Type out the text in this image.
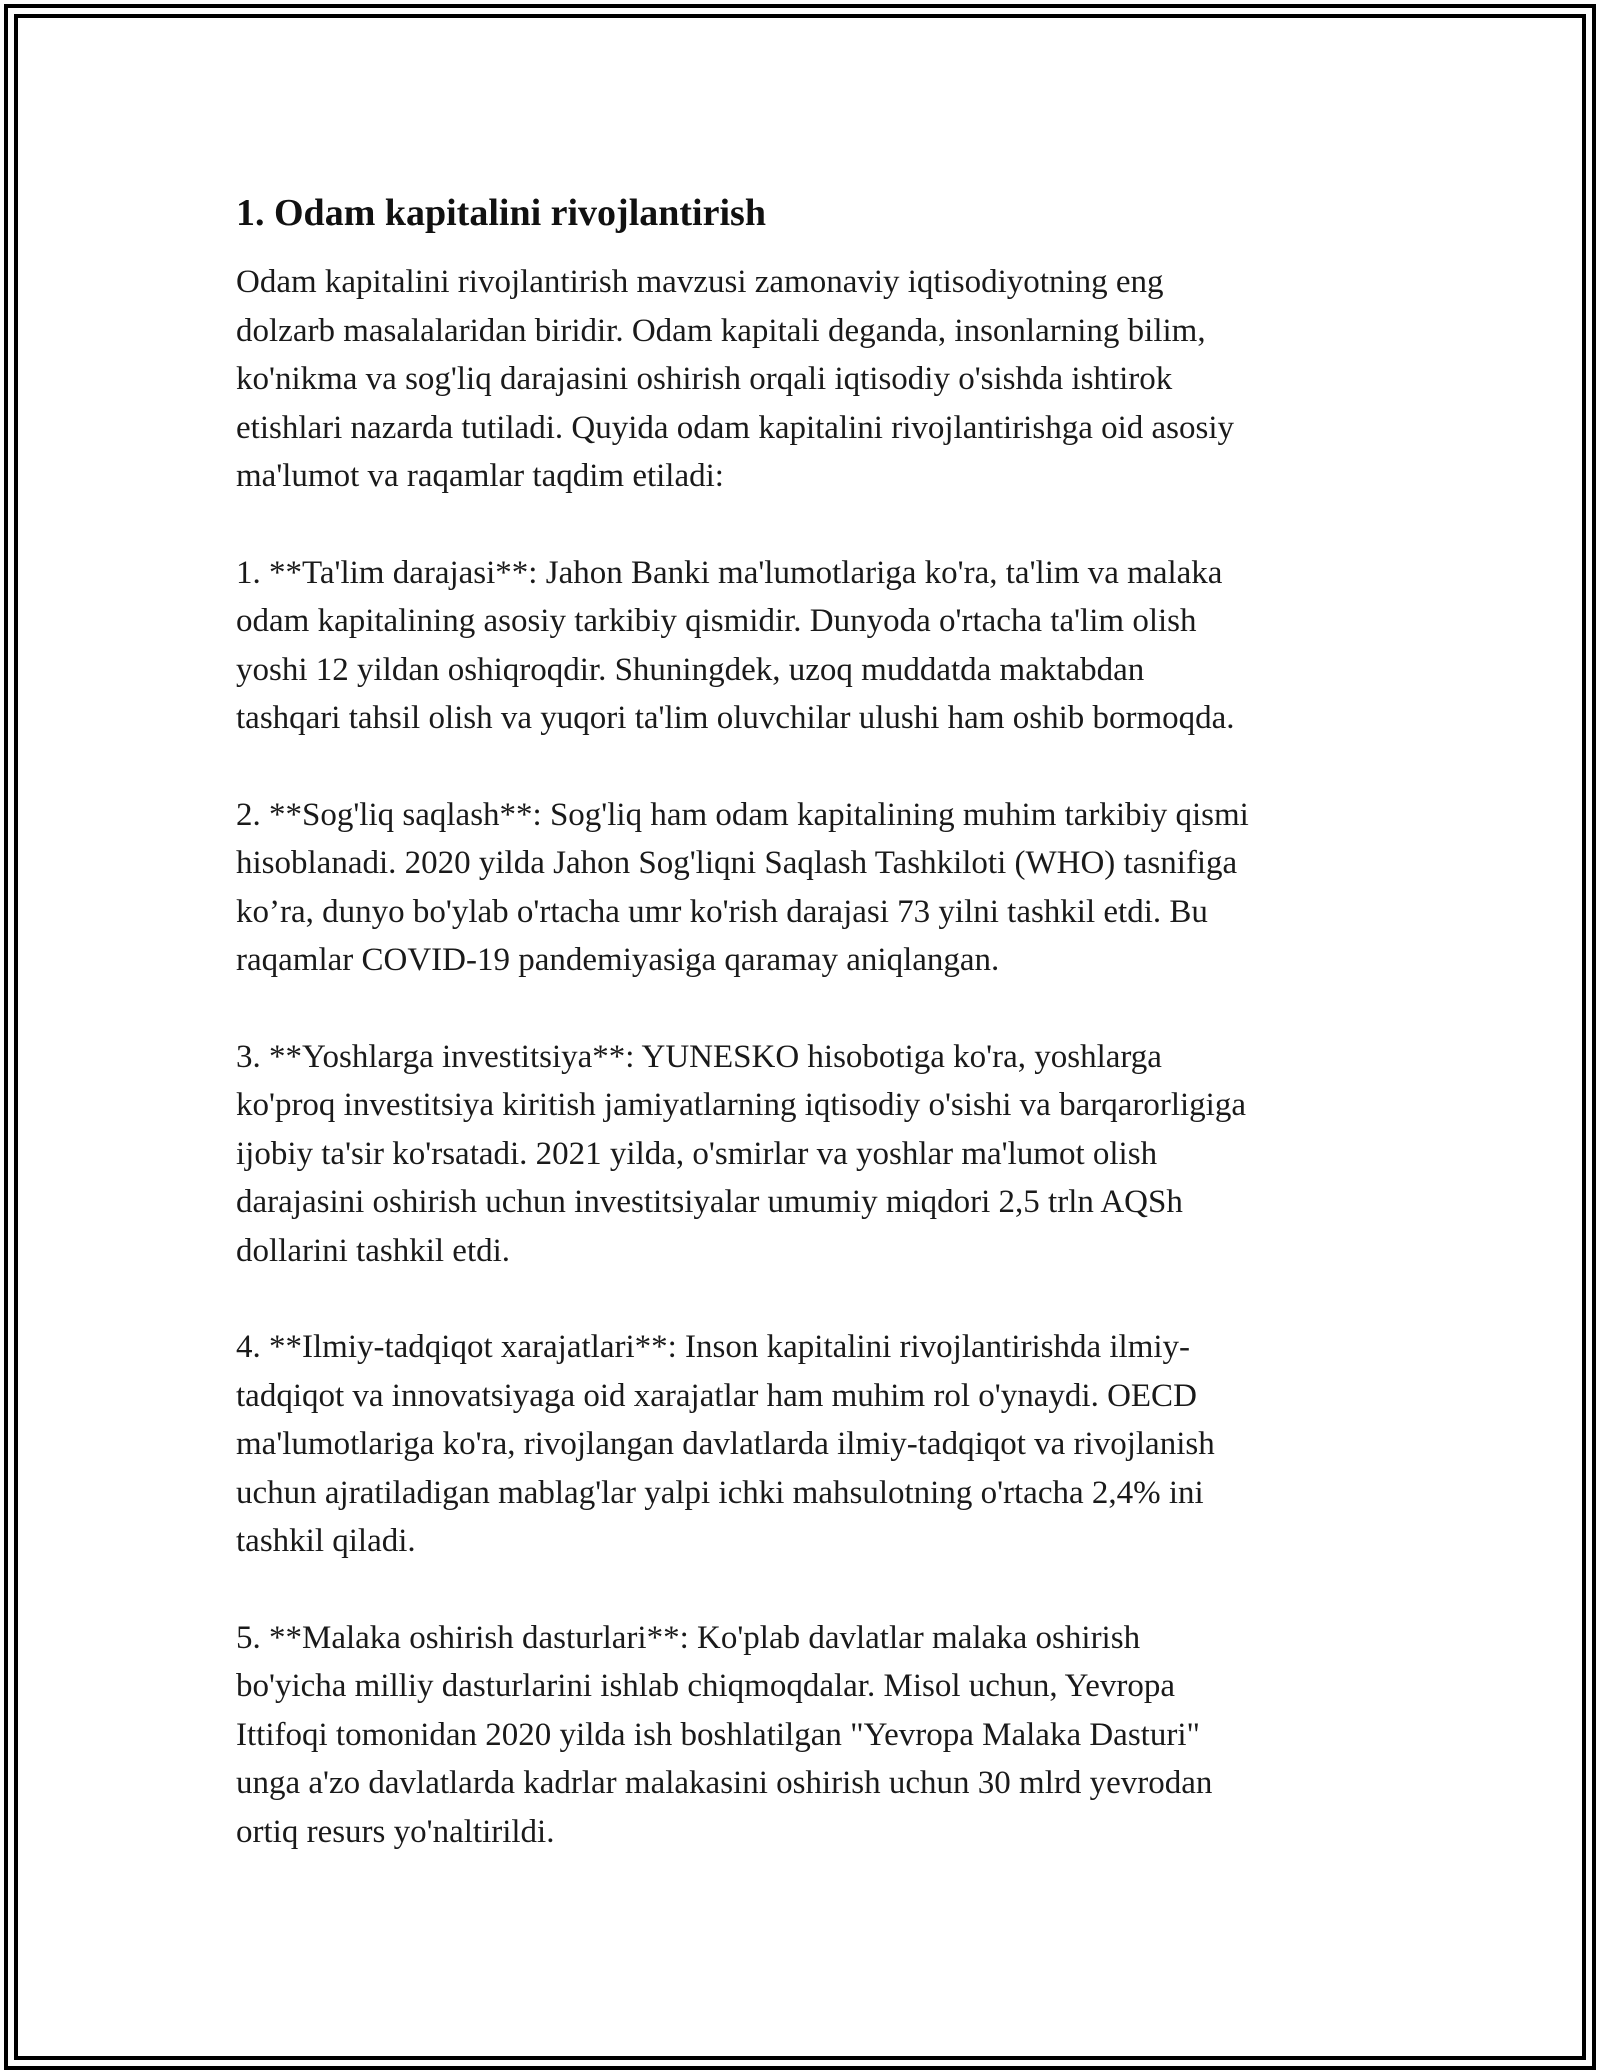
1. Odam kapitalini rivojlantirish

Odam kapitalini rivojlantirish mavzusi zamonaviy iqtisodiyotning eng
dolzarb masalalaridan biridir. Odam kapitali deganda, insonlarning bilim,
ko'nikma va sog'liq darajasini oshirish orqali iqtisodiy o'sishda ishtirok
etishlari nazarda tutiladi. Quyida odam kapitalini rivojlantirishga oid asosiy
ma'lumot va raqamlar taqdim etiladi:

1. **Ta'lim darajasi**: Jahon Banki ma'lumotlariga ko'ra, ta'lim va malaka
odam kapitalining asosiy tarkibiy qismidir. Dunyoda o'rtacha ta'lim olish
yoshi 12 yildan oshiqroqdir. Shuningdek, uzoq muddatda maktabdan
tashqari tahsil olish va yuqori ta'lim oluvchilar ulushi ham oshib bormoqda.

2. **Sog'liq saqlash**: Sog'liq ham odam kapitalining muhim tarkibiy qismi
hisoblanadi. 2020 yilda Jahon Sog'liqni Saqlash Tashkiloti (WHO) tasnifiga
ko’ra, dunyo bo'ylab o'rtacha umr ko'rish darajasi 73 yilni tashkil etdi. Bu
raqamlar COVID-19 pandemiyasiga qaramay aniqlangan.

3. **Yoshlarga investitsiya**: YUNESKO hisobotiga ko'ra, yoshlarga
ko'proq investitsiya kiritish jamiyatlarning iqtisodiy o'sishi va barqarorligiga
ijobiy ta'sir ko'rsatadi. 2021 yilda, o'smirlar va yoshlar ma'lumot olish
darajasini oshirish uchun investitsiyalar umumiy miqdori 2,5 trln AQSh
dollarini tashkil etdi.

4. **Ilmiy-tadqiqot xarajatlari**: Inson kapitalini rivojlantirishda ilmiy-
tadqiqot va innovatsiyaga oid xarajatlar ham muhim rol o'ynaydi. OECD
ma'lumotlariga ko'ra, rivojlangan davlatlarda ilmiy-tadqiqot va rivojlanish
uchun ajratiladigan mablag'lar yalpi ichki mahsulotning o'rtacha 2,4% ini
tashkil qiladi.

5. **Malaka oshirish dasturlari**: Ko'plab davlatlar malaka oshirish
bo'yicha milliy dasturlarini ishlab chiqmoqdalar. Misol uchun, Yevropa
Ittifoqi tomonidan 2020 yilda ish boshlatilgan "Yevropa Malaka Dasturi"
unga a'zo davlatlarda kadrlar malakasini oshirish uchun 30 mlrd yevrodan
ortiq resurs yo'naltirildi.
